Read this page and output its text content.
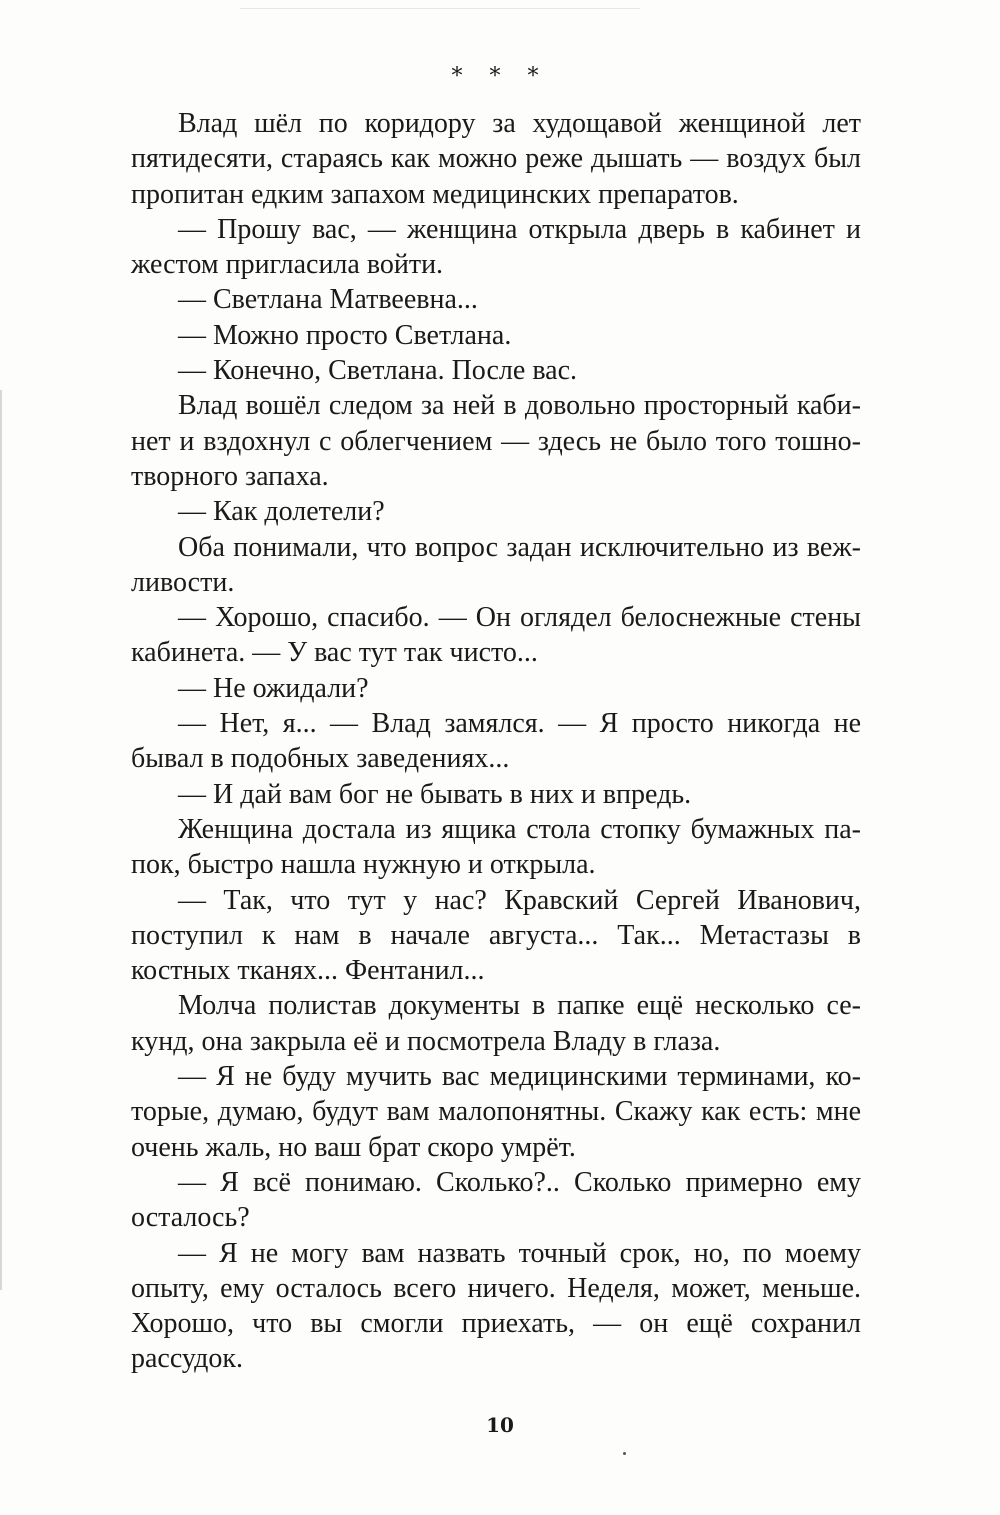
* * *

Влад шёл по коридору за худощавой женщиной лет пятидесяти, стараясь как можно реже дышать — воздух был пропитан едким запахом медицинских препаратов.

— Прошу вас, — женщина открыла дверь в кабинет и жестом пригласила войти.

— Светлана Матвеевна...

— Можно просто Светлана.

— Конечно, Светлана. После вас.

Влад вошёл следом за ней в довольно просторный кабинет и вздохнул с облегчением — здесь не было того тошнотворного запаха.

— Как долетели?

Оба понимали, что вопрос задан исключительно из вежливости.

— Хорошо, спасибо. — Он оглядел белоснежные стены кабинета. — У вас тут так чисто...

— Не ожидали?

— Нет, я... — Влад замялся. — Я просто никогда не бывал в подобных заведениях...

— И дай вам бог не бывать в них и впредь.

Женщина достала из ящика стола стопку бумажных папок, быстро нашла нужную и открыла.

— Так, что тут у нас? Кравский Сергей Иванович, поступил к нам в начале августа... Так... Метастазы в костных тканях... Фентанил...

Молча полистав документы в папке ещё несколько секунд, она закрыла её и посмотрела Владу в глаза.

— Я не буду мучить вас медицинскими терминами, которые, думаю, будут вам малопонятны. Скажу как есть: мне очень жаль, но ваш брат скоро умрёт.

— Я всё понимаю. Сколько?.. Сколько примерно ему осталось?

— Я не могу вам назвать точный срок, но, по моему опыту, ему осталось всего ничего. Неделя, может, меньше. Хорошо, что вы смогли приехать, — он ещё сохранил рассудок.

10
